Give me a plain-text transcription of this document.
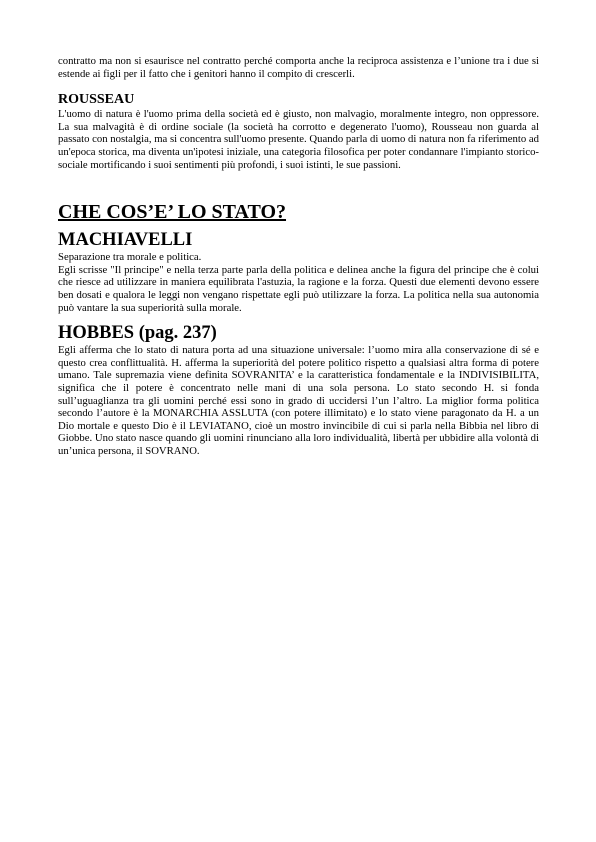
contratto ma non si esaurisce nel contratto perché comporta anche la reciproca assistenza e l’unione tra i due si estende ai figli per il fatto che i genitori hanno il compito di crescerli.

ROUSSEAU

L'uomo di natura è l'uomo prima della società ed è giusto, non malvagio, moralmente integro, non oppressore. La sua malvagità è di ordine sociale (la società ha corrotto e degenerato l'uomo), Rousseau non guarda al passato con nostalgia, ma si concentra sull'uomo presente. Quando parla di uomo di natura non fa riferimento ad un'epoca storica, ma diventa un'ipotesi iniziale, una categoria filosofica per poter condannare l'impianto storico-sociale mortificando i suoi sentimenti più profondi, i suoi istinti, le sue passioni.

CHE COS’E’ LO STATO?
MACHIAVELLI

Separazione tra morale e politica.

Egli scrisse "Il principe" e nella terza parte parla della politica e delinea anche la figura del principe che è colui che riesce ad utilizzare in maniera equilibrata l'astuzia, la ragione e la forza. Questi due elementi devono essere ben dosati e qualora le leggi non vengano rispettate egli può utilizzare la forza. La politica nella sua autonomia può vantare la sua superiorità sulla morale.

HOBBES (pag. 237)

Egli afferma che lo stato di natura porta ad una situazione universale: l’uomo mira alla conservazione di sé e questo crea conflittualità. H. afferma la superiorità del potere politico rispetto a qualsiasi altra forma di potere umano. Tale supremazia viene definita SOVRANITA’ e la caratteristica fondamentale e la INDIVISIBILITA, significa che il potere è concentrato nelle mani di una sola persona. Lo stato secondo H. si fonda sull’uguaglianza tra gli uomini perché essi sono in grado di uccidersi l’un l’altro. La miglior forma politica secondo l’autore è la MONARCHIA ASSLUTA (con potere illimitato) e lo stato viene paragonato da H. a un Dio mortale e questo Dio è il LEVIATANO, cioè un mostro invincibile di cui si parla nella Bibbia nel libro di Giobbe. Uno stato nasce quando gli uomini rinunciano alla loro individualità, libertà per ubbidire alla volontà di un’unica persona, il SOVRANO.
